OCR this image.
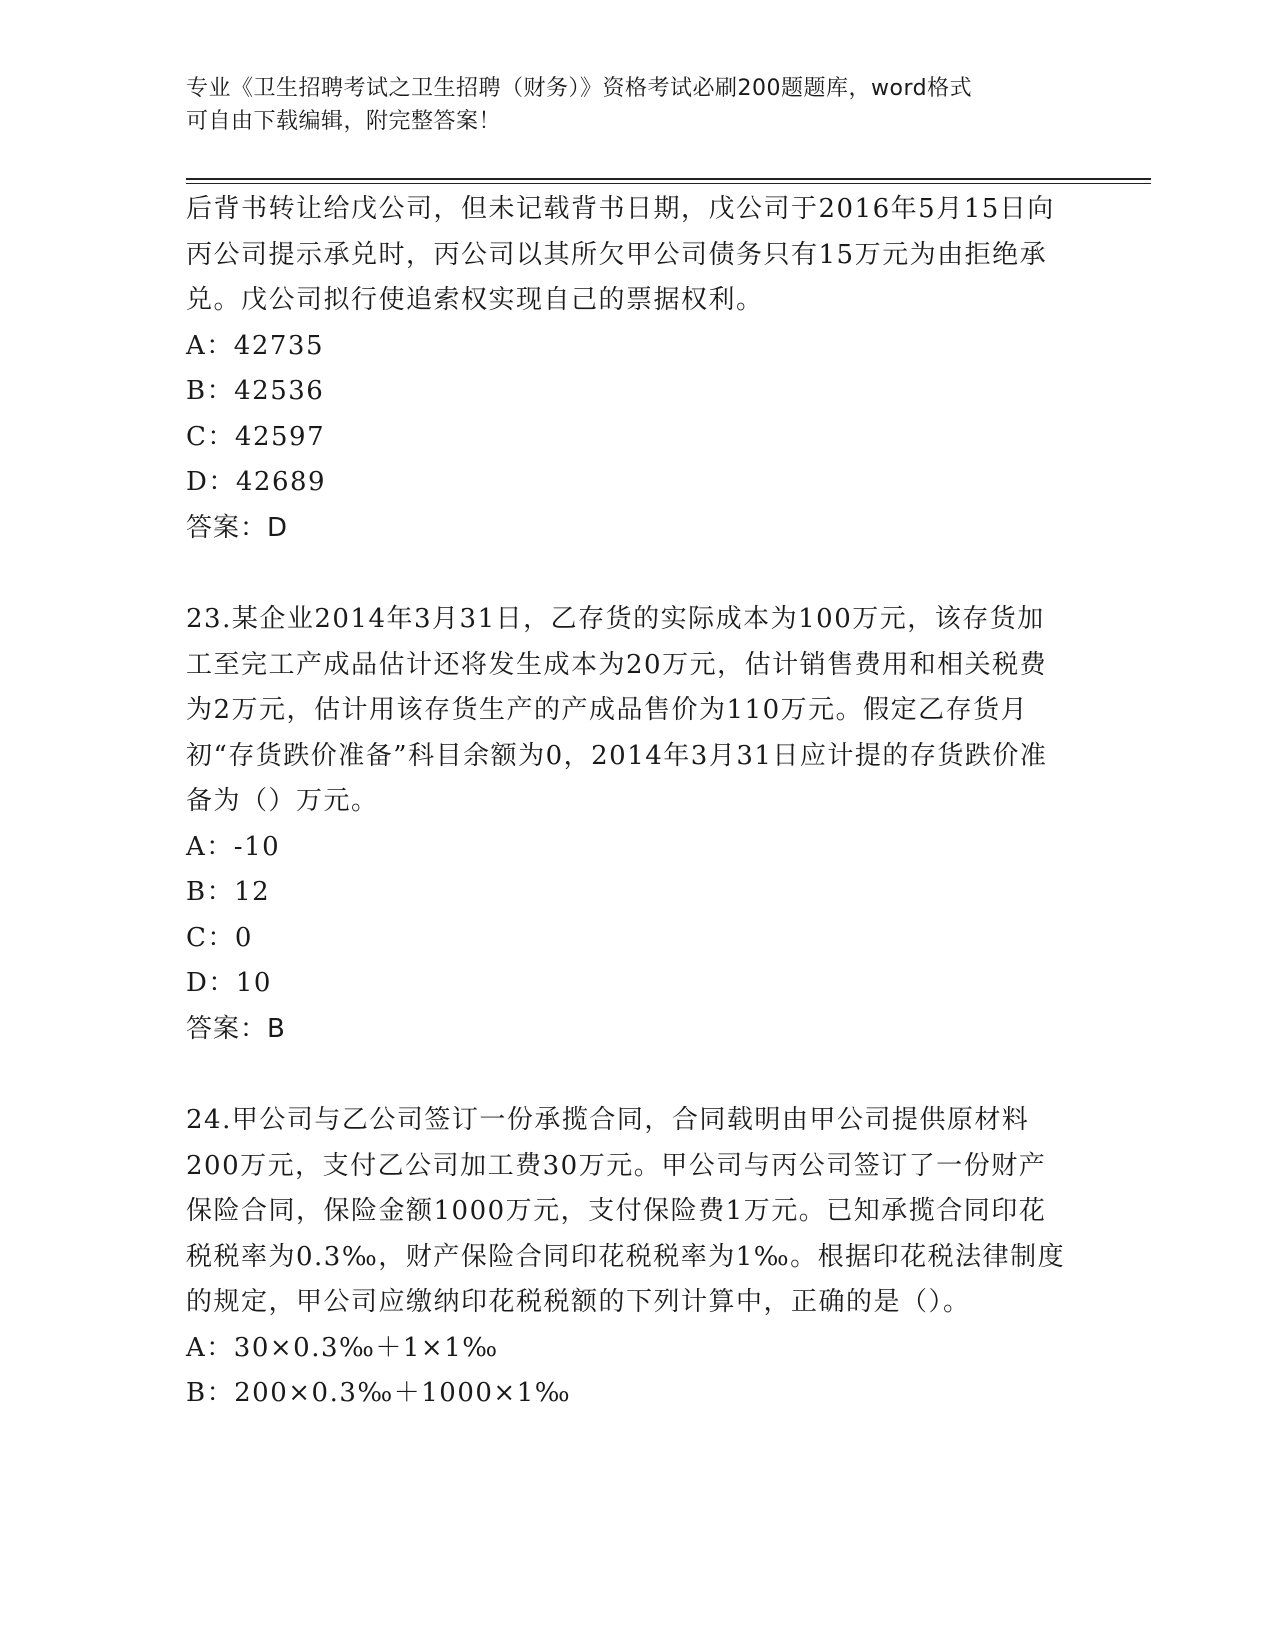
专业《卫生招聘考试之卫生招聘（财务）》资格考试必刷200题题库，word格式

可自由下载编辑，附完整答案！

后背书转让给戊公司，但未记载背书日期，戊公司于2016年5月15日向丙公司提示承兑时，丙公司以其所欠甲公司债务只有15万元为由拒绝承兑。戊公司拟行使追索权实现自己的票据权利。

A：42735
B：42536
C：42597
D：42689
答案：D

23.某企业2014年3月31日，乙存货的实际成本为100万元，该存货加工至完工产成品估计还将发生成本为20万元，估计销售费用和相关税费为2万元，估计用该存货生产的产成品售价为110万元。假定乙存货月初“存货跌价准备”科目余额为0，2014年3月31日应计提的存货跌价准备为（）万元。

A：-10
B：12
C：0
D：10
答案：B

24.甲公司与乙公司签订一份承揽合同，合同载明由甲公司提供原材料200万元，支付乙公司加工费30万元。甲公司与丙公司签订了一份财产保险合同，保险金额1000万元，支付保险费1万元。已知承揽合同印花税税率为0.3‰，财产保险合同印花税税率为1‰。根据印花税法律制度的规定，甲公司应缴纳印花税税额的下列计算中，正确的是（）。

A：30×0.3‰＋1×1‰
B：200×0.3‰＋1000×1‰
